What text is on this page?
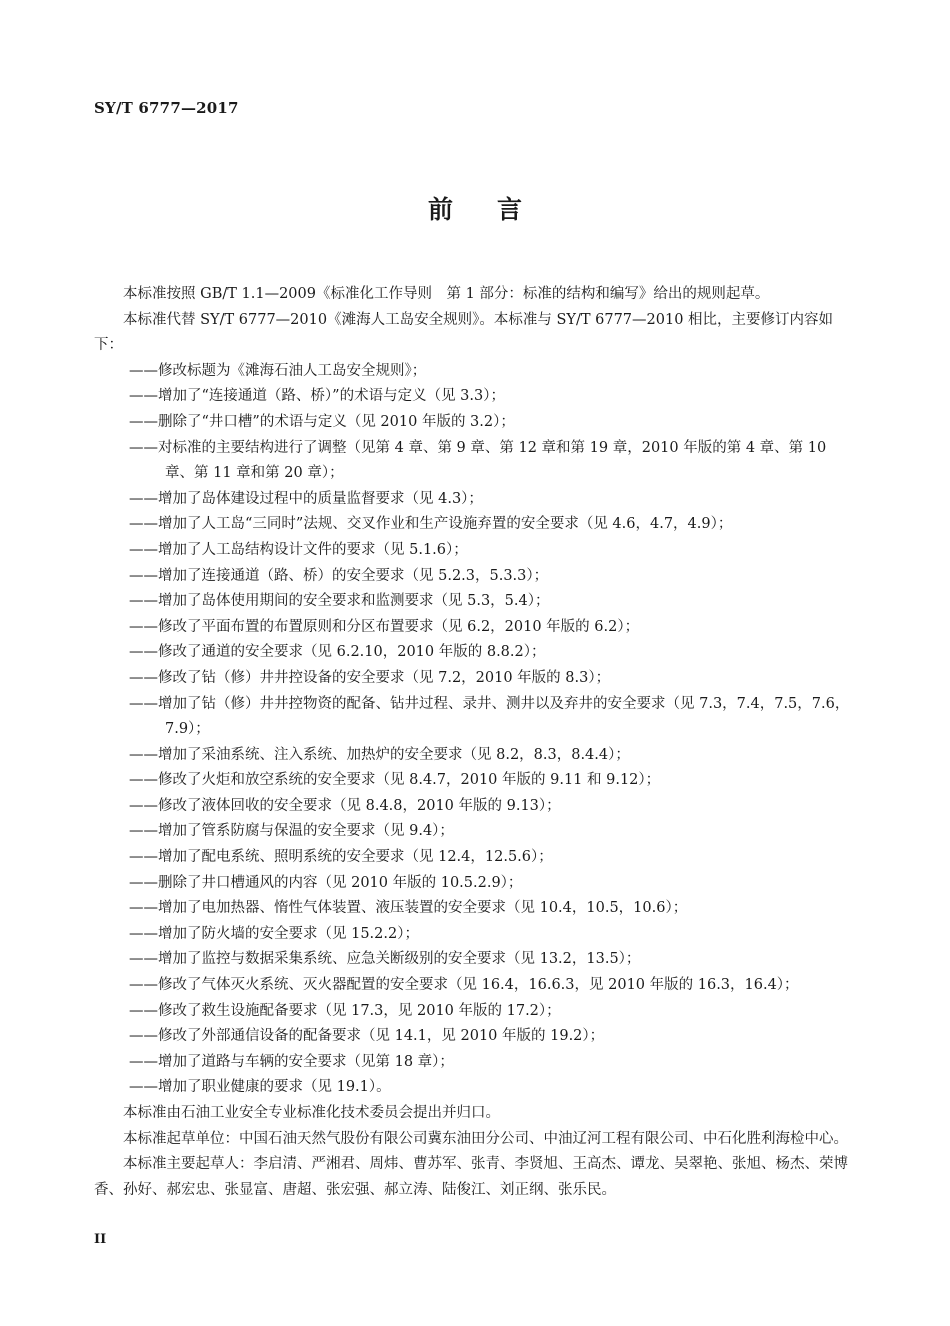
SY/T 6777—2017
前言

本标准按照 GB/T 1.1—2009《标准化工作导则　第 1 部分：标准的结构和编写》给出的规则起草。

本标准代替 SY/T 6777—2010《滩海人工岛安全规则》。本标准与 SY/T 6777—2010 相比，主要修订内容如下：

——修改标题为《滩海石油人工岛安全规则》；

——增加了“连接通道（路、桥）”的术语与定义（见 3.3）；

——删除了“井口槽”的术语与定义（见 2010 年版的 3.2）；

——对标准的主要结构进行了调整（见第 4 章、第 9 章、第 12 章和第 19 章，2010 年版的第 4 章、第 10 章、第 11 章和第 20 章）；

——增加了岛体建设过程中的质量监督要求（见 4.3）；

——增加了人工岛“三同时”法规、交叉作业和生产设施弃置的安全要求（见 4.6，4.7，4.9）；

——增加了人工岛结构设计文件的要求（见 5.1.6）；

——增加了连接通道（路、桥）的安全要求（见 5.2.3，5.3.3）；

——增加了岛体使用期间的安全要求和监测要求（见 5.3，5.4）；

——修改了平面布置的布置原则和分区布置要求（见 6.2，2010 年版的 6.2）；

——修改了通道的安全要求（见 6.2.10，2010 年版的 8.8.2）；

——修改了钻（修）井井控设备的安全要求（见 7.2，2010 年版的 8.3）；

——增加了钻（修）井井控物资的配备、钻井过程、录井、测井以及弃井的安全要求（见 7.3，7.4，7.5，7.6，7.9）；

——增加了采油系统、注入系统、加热炉的安全要求（见 8.2，8.3，8.4.4）；

——修改了火炬和放空系统的安全要求（见 8.4.7，2010 年版的 9.11 和 9.12）；

——修改了液体回收的安全要求（见 8.4.8，2010 年版的 9.13）；

——增加了管系防腐与保温的安全要求（见 9.4）；

——增加了配电系统、照明系统的安全要求（见 12.4，12.5.6）；

——删除了井口槽通风的内容（见 2010 年版的 10.5.2.9）；

——增加了电加热器、惰性气体装置、液压装置的安全要求（见 10.4，10.5，10.6）；

——增加了防火墙的安全要求（见 15.2.2）；

——增加了监控与数据采集系统、应急关断级别的安全要求（见 13.2，13.5）；

——修改了气体灭火系统、灭火器配置的安全要求（见 16.4，16.6.3，见 2010 年版的 16.3，16.4）；

——修改了救生设施配备要求（见 17.3，见 2010 年版的 17.2）；

——修改了外部通信设备的配备要求（见 14.1，见 2010 年版的 19.2）；

——增加了道路与车辆的安全要求（见第 18 章）；

——增加了职业健康的要求（见 19.1）。

本标准由石油工业安全专业标准化技术委员会提出并归口。

本标准起草单位：中国石油天然气股份有限公司冀东油田分公司、中油辽河工程有限公司、中石化胜利海检中心。

本标准主要起草人：李启清、严湘君、周炜、曹苏军、张青、李贤旭、王高杰、谭龙、吴翠艳、张旭、杨杰、荣博香、孙好、郝宏忠、张显富、唐超、张宏强、郝立涛、陆俊江、刘正纲、张乐民。

II
